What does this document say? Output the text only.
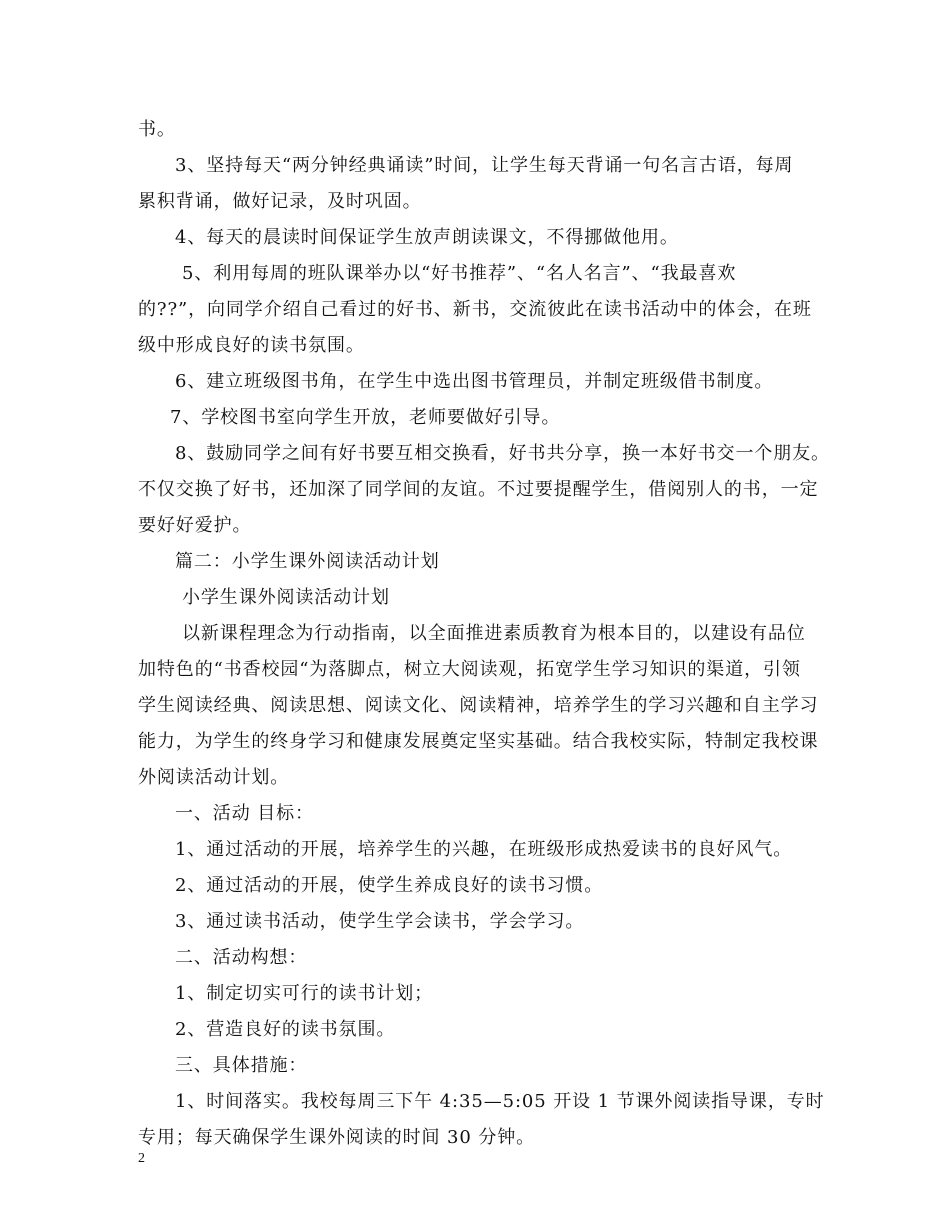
书。
3、坚持每天“两分钟经典诵读”时间，让学生每天背诵一句名言古语，每周
累积背诵，做好记录，及时巩固。
4、每天的晨读时间保证学生放声朗读课文，不得挪做他用。
5、利用每周的班队课举办以“好书推荐”、“名人名言”、“我最喜欢
的??”，向同学介绍自己看过的好书、新书，交流彼此在读书活动中的体会，在班
级中形成良好的读书氛围。
6、建立班级图书角，在学生中选出图书管理员，并制定班级借书制度。
7、学校图书室向学生开放，老师要做好引导。
8、鼓励同学之间有好书要互相交换看，好书共分享，换一本好书交一个朋友。
不仅交换了好书，还加深了同学间的友谊。不过要提醒学生，借阅别人的书，一定
要好好爱护。
篇二：小学生课外阅读活动计划
小学生课外阅读活动计划
以新课程理念为行动指南，以全面推进素质教育为根本目的，以建设有品位
加特色的“书香校园“为落脚点，树立大阅读观，拓宽学生学习知识的渠道，引领
学生阅读经典、阅读思想、阅读文化、阅读精神，培养学生的学习兴趣和自主学习
能力，为学生的终身学习和健康发展奠定坚实基础。结合我校实际，特制定我校课
外阅读活动计划。
一、活动 目标：
1、通过活动的开展，培养学生的兴趣，在班级形成热爱读书的良好风气。
2、通过活动的开展，使学生养成良好的读书习惯。
3、通过读书活动，使学生学会读书，学会学习。
二、活动构想：
1、制定切实可行的读书计划；
2、营造良好的读书氛围。
三、具体措施：
1、时间落实。我校每周三下午 4:35—5:05 开设 1 节课外阅读指导课，专时
专用；每天确保学生课外阅读的时间 30 分钟。
2
